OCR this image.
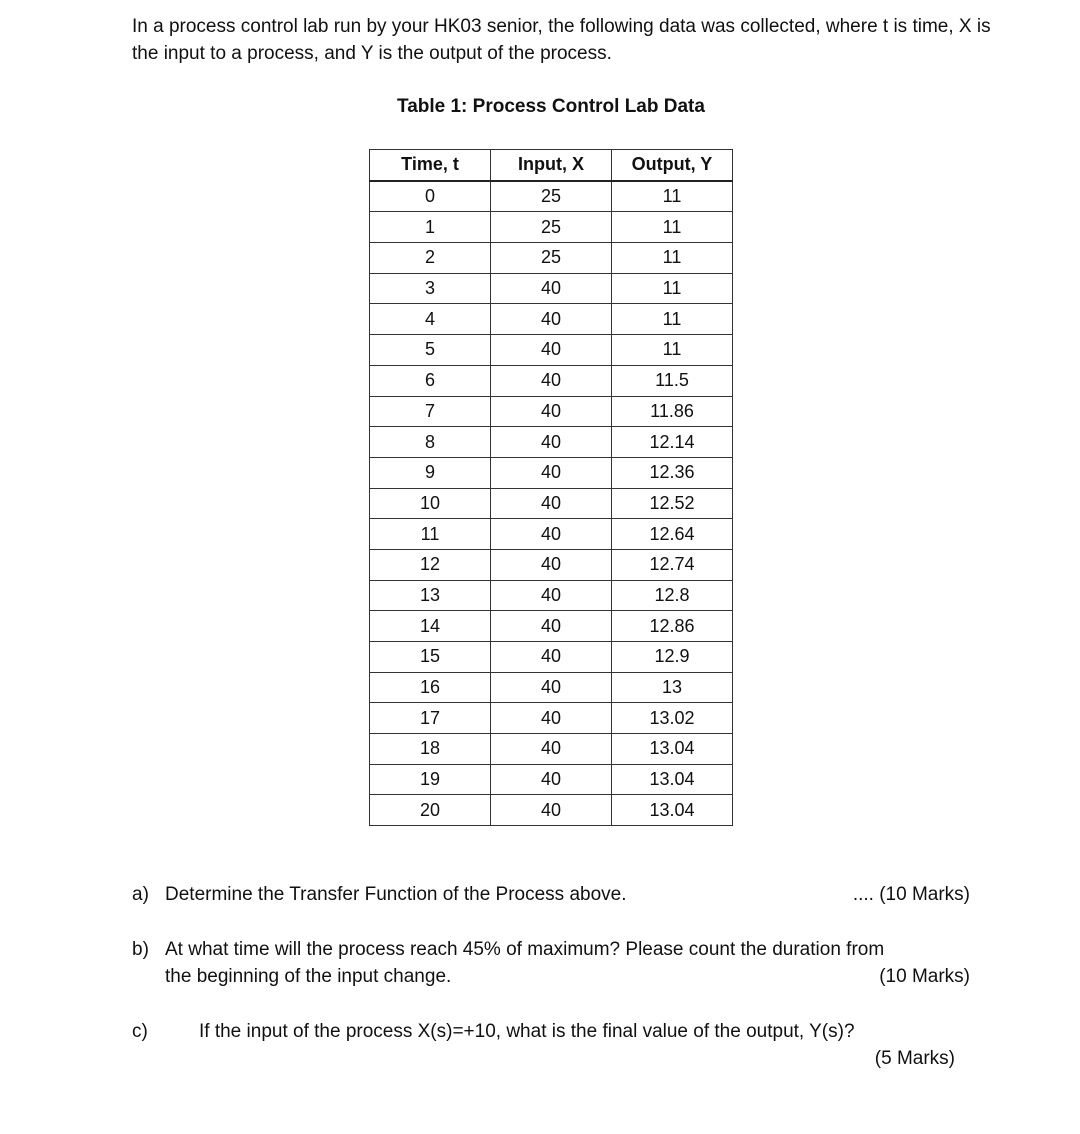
In a process control lab run by your HK03 senior, the following data was collected, where t is time, X is the input to a process, and Y is the output of the process.

Table 1: Process Control Lab Data

Time, t	Input, X	Output, Y
0	25	11
1	25	11
2	25	11
3	40	11
4	40	11
5	40	11
6	40	11.5
7	40	11.86
8	40	12.14
9	40	12.36
10	40	12.52
11	40	12.64
12	40	12.74
13	40	12.8
14	40	12.86
15	40	12.9
16	40	13
17	40	13.02
18	40	13.04
19	40	13.04
20	40	13.04
a) Determine the Transfer Function of the Process above.	.... (10 Marks)
b) At what time will the process reach 45% of maximum? Please count the duration from
the beginning of the input change.	(10 Marks)
c)	If the input of the process X(s)=+10, what is the final value of the output, Y(s)?
(5 Marks)
